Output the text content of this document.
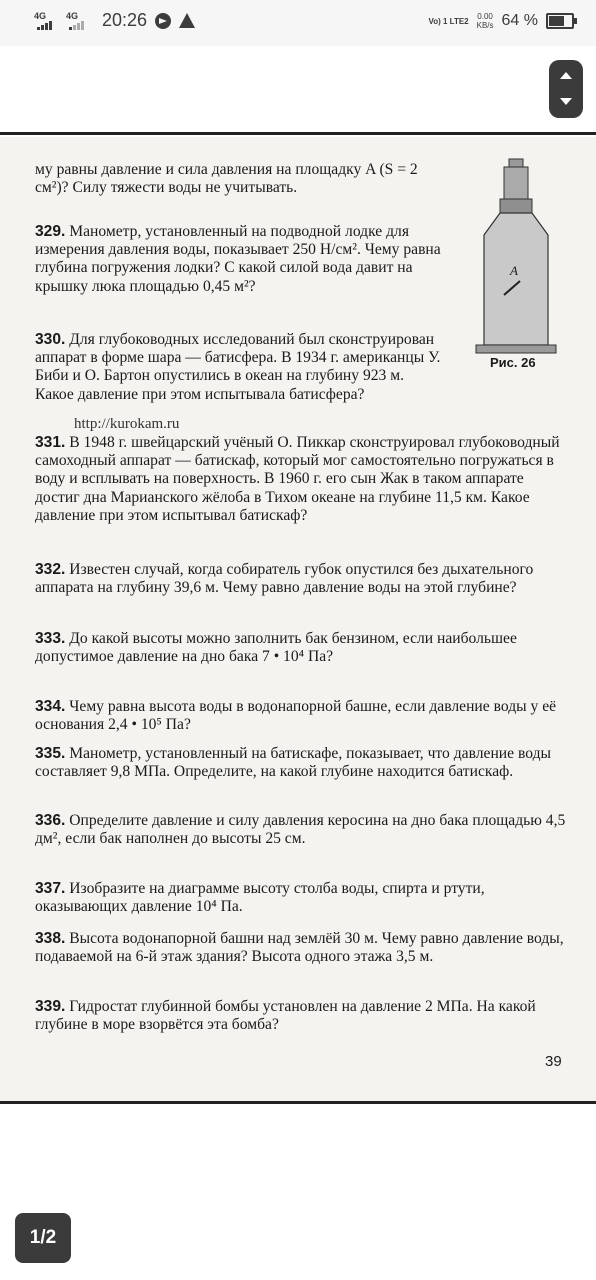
4G 4G 20:26	Vo) 1 LTE2 0.00
KB/s 64 %
A
Рис. 26

му равны давление и сила давления на площадку A (S = 2 см²)? Силу тяжести воды не учитывать.

329. Манометр, установленный на подводной лодке для измерения давления воды, показывает 250 Н/см². Чему равна глубина погружения лодки? С какой силой вода давит на крышку люка площадью 0,45 м²?

330. Для глубоководных исследований был сконструирован аппарат в форме шара — батисфера. В 1934 г. американцы У. Биби и О. Бартон опустились в океан на глубину 923 м. Какое давление при этом испытывала батисфера?

http://kurokam.ru

331. В 1948 г. швейцарский учёный О. Пиккар сконструировал глубоководный самоходный аппарат — батискаф, который мог самостоятельно погружаться в воду и всплывать на поверхность. В 1960 г. его сын Жак в таком аппарате достиг дна Марианского жёлоба в Тихом океане на глубине 11,5 км. Какое давление при этом испытывал батискаф?

332. Известен случай, когда собиратель губок опустился без дыхательного аппарата на глубину 39,6 м. Чему равно давление воды на этой глубине?

333. До какой высоты можно заполнить бак бензином, если наибольшее допустимое давление на дно бака 7 • 10⁴ Па?

334. Чему равна высота воды в водонапорной башне, если давление воды у её основания 2,4 • 10⁵ Па?

335. Манометр, установленный на батискафе, показывает, что давление воды составляет 9,8 МПа. Определите, на какой глубине находится батискаф.

336. Определите давление и силу давления керосина на дно бака площадью 4,5 дм², если бак наполнен до высоты 25 см.

337. Изобразите на диаграмме высоту столба воды, спирта и ртути, оказывающих давление 10⁴ Па.

338. Высота водонапорной башни над землёй 30 м. Чему равно давление воды, подаваемой на 6-й этаж здания? Высота одного этажа 3,5 м.

339. Гидростат глубинной бомбы установлен на давление 2 МПа. На какой глубине в море взорвётся эта бомба?

39
1/2
